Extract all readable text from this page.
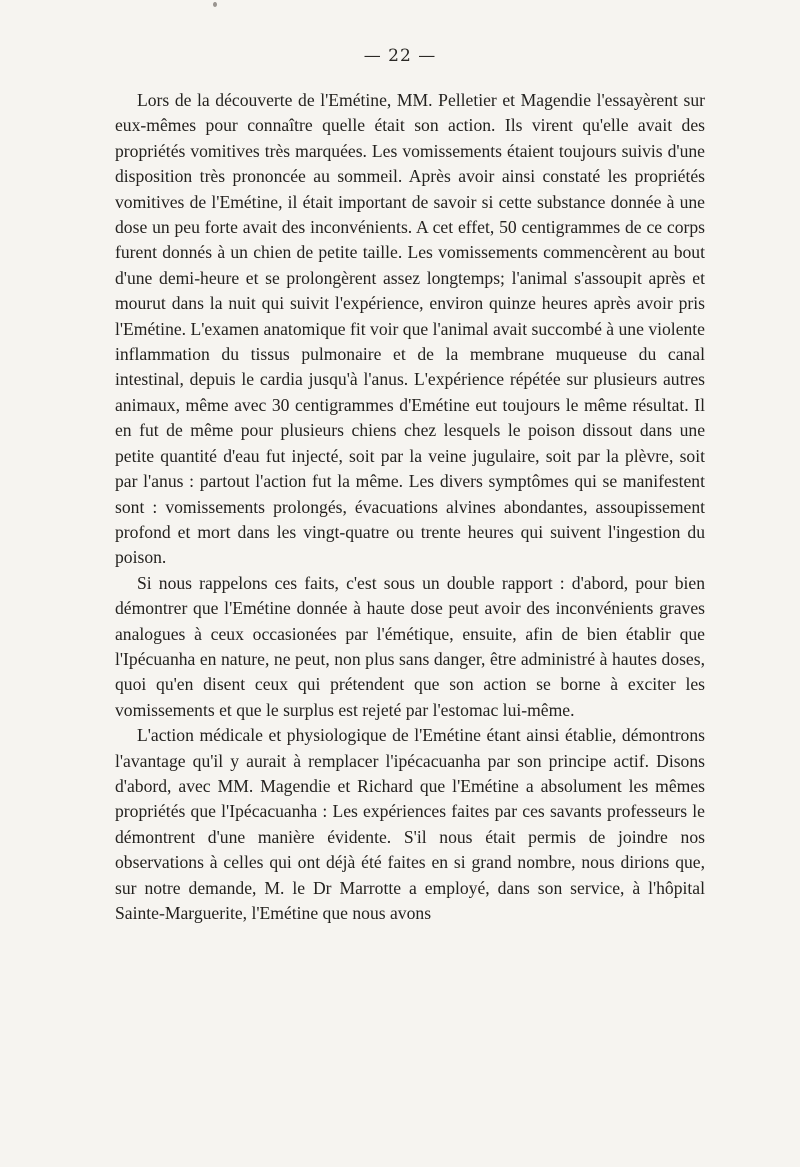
— 22 —

Lors de la découverte de l'Emétine, MM. Pelletier et Magendie l'essayèrent sur eux-mêmes pour connaître quelle était son action. Ils virent qu'elle avait des propriétés vomitives très marquées. Les vomissements étaient toujours suivis d'une disposition très prononcée au sommeil. Après avoir ainsi constaté les propriétés vomitives de l'Emétine, il était important de savoir si cette substance donnée à une dose un peu forte avait des inconvénients. A cet effet, 50 centigrammes de ce corps furent donnés à un chien de petite taille. Les vomissements commencèrent au bout d'une demi-heure et se prolongèrent assez longtemps; l'animal s'assoupit après et mourut dans la nuit qui suivit l'expérience, environ quinze heures après avoir pris l'Emétine. L'examen anatomique fit voir que l'animal avait succombé à une violente inflammation du tissus pulmonaire et de la membrane muqueuse du canal intestinal, depuis le cardia jusqu'à l'anus. L'expérience répétée sur plusieurs autres animaux, même avec 30 centigrammes d'Emétine eut toujours le même résultat. Il en fut de même pour plusieurs chiens chez lesquels le poison dissout dans une petite quantité d'eau fut injecté, soit par la veine jugulaire, soit par la plèvre, soit par l'anus : partout l'action fut la même. Les divers symptômes qui se manifestent sont : vomissements prolongés, évacuations alvines abondantes, assoupissement profond et mort dans les vingt-quatre ou trente heures qui suivent l'ingestion du poison.

Si nous rappelons ces faits, c'est sous un double rapport : d'abord, pour bien démontrer que l'Emétine donnée à haute dose peut avoir des inconvénients graves analogues à ceux occasionées par l'émétique, ensuite, afin de bien établir que l'Ipécuanha en nature, ne peut, non plus sans danger, être administré à hautes doses, quoi qu'en disent ceux qui prétendent que son action se borne à exciter les vomissements et que le surplus est rejeté par l'estomac lui-même.

L'action médicale et physiologique de l'Emétine étant ainsi établie, démontrons l'avantage qu'il y aurait à remplacer l'ipécacuanha par son principe actif. Disons d'abord, avec MM. Magendie et Richard que l'Emétine a absolument les mêmes propriétés que l'Ipécacuanha : Les expériences faites par ces savants professeurs le démontrent d'une manière évidente. S'il nous était permis de joindre nos observations à celles qui ont déjà été faites en si grand nombre, nous dirions que, sur notre demande, M. le Dr Marrotte a employé, dans son service, à l'hôpital Sainte-Marguerite, l'Emétine que nous avons
